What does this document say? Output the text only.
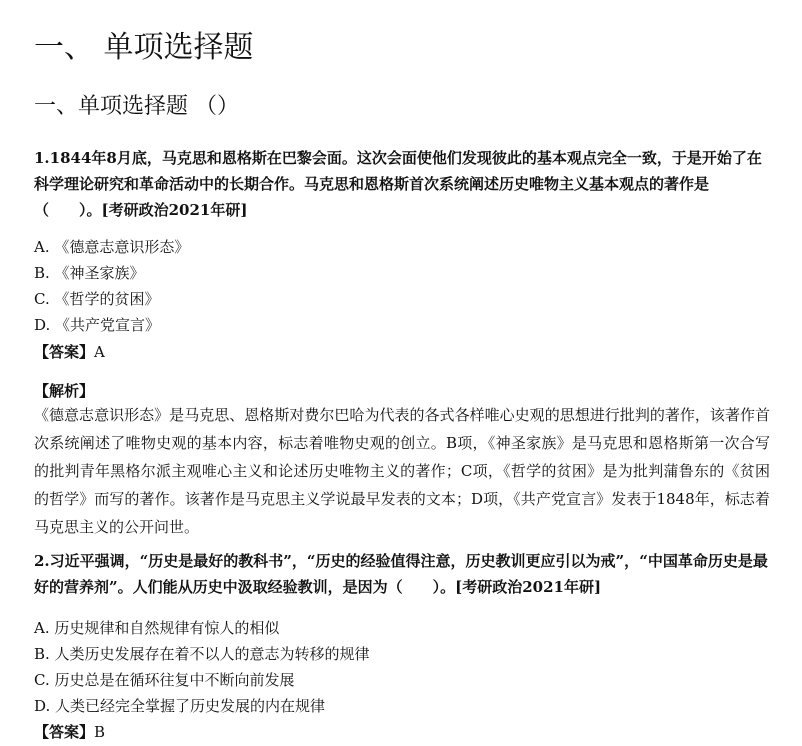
一、 单项选择题
一、单项选择题 （）
1.1844年8月底，马克思和恩格斯在巴黎会面。这次会面使他们发现彼此的基本观点完全一致，于是开始了在科学理论研究和革命活动中的长期合作。马克思和恩格斯首次系统阐述历史唯物主义基本观点的著作是（　　）。[考研政治2021年研]
A. 《德意志意识形态》
B. 《神圣家族》
C. 《哲学的贫困》
D. 《共产党宣言》
【答案】A
【解析】
《德意志意识形态》是马克思、恩格斯对费尔巴哈为代表的各式各样唯心史观的思想进行批判的著作，该著作首次系统阐述了唯物史观的基本内容，标志着唯物史观的创立。B项，《神圣家族》是马克思和恩格斯第一次合写的批判青年黑格尔派主观唯心主义和论述历史唯物主义的著作；C项，《哲学的贫困》是为批判蒲鲁东的《贫困的哲学》而写的著作。该著作是马克思主义学说最早发表的文本；D项，《共产党宣言》发表于1848年，标志着马克思主义的公开问世。
2.习近平强调，“历史是最好的教科书”，“历史的经验值得注意，历史教训更应引以为戒”，“中国革命历史是最好的营养剂”。人们能从历史中汲取经验教训，是因为（　　）。[考研政治2021年研]
A. 历史规律和自然规律有惊人的相似
B. 人类历史发展存在着不以人的意志为转移的规律
C. 历史总是在循环往复中不断向前发展
D. 人类已经完全掌握了历史发展的内在规律
【答案】B
